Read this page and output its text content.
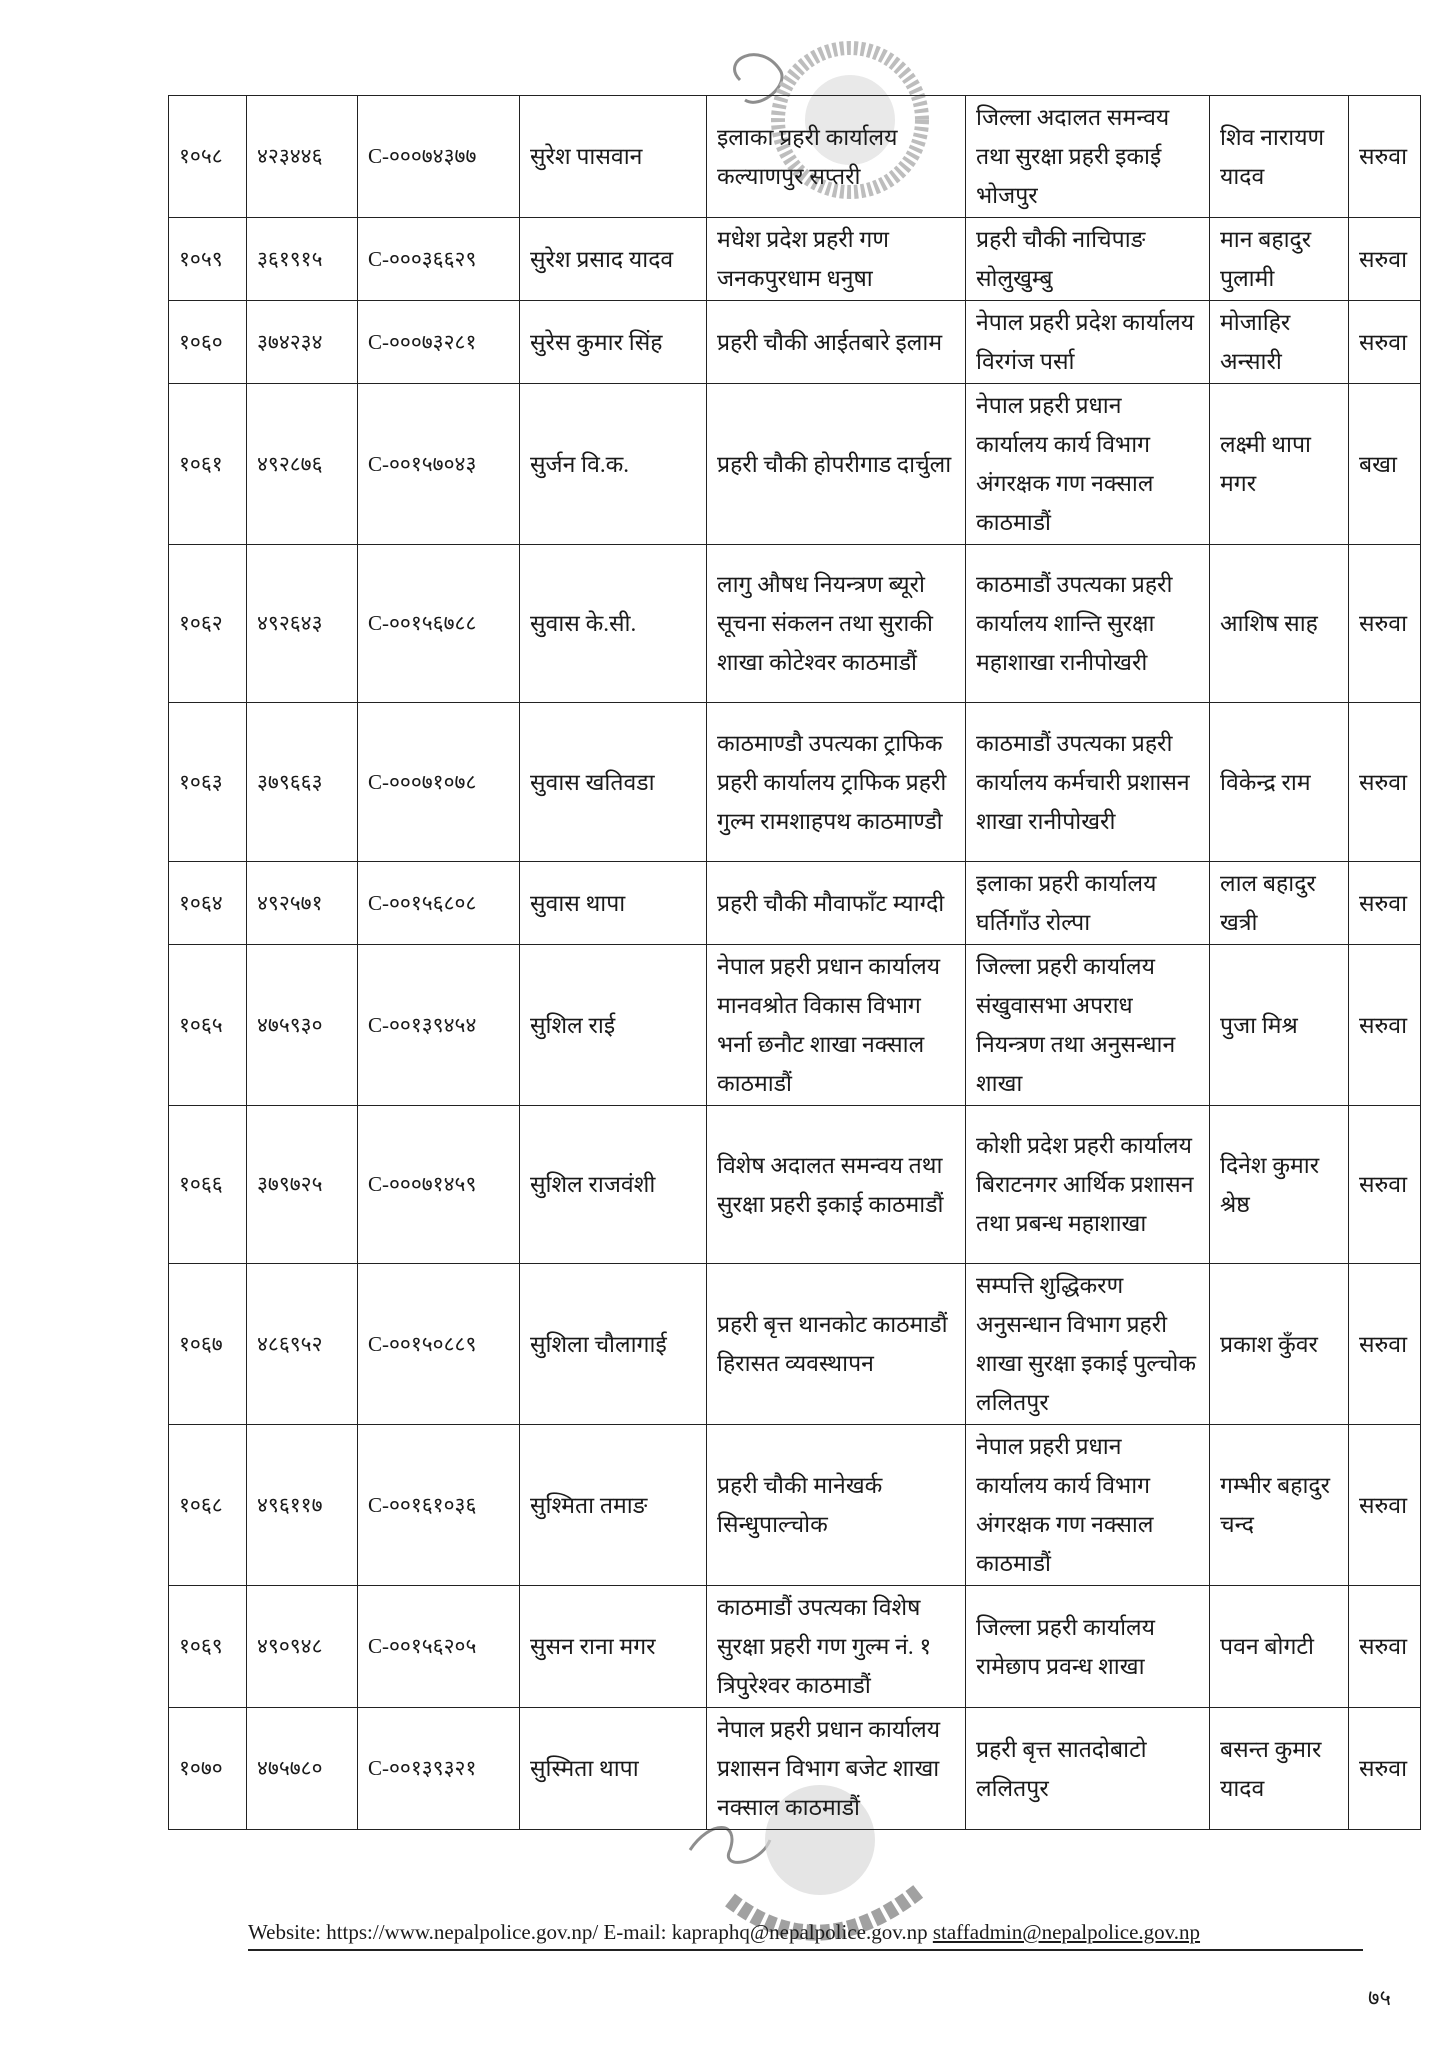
१०५८	४२३४४६	C-०००७४३७७	सुरेश पासवान	इलाका प्रहरी कार्यालय कल्याणपुर सप्तरी	जिल्ला अदालत समन्वय तथा सुरक्षा प्रहरी इकाई भोजपुर	शिव नारायण यादव	सरुवा
१०५९	३६१९१५	C-०००३६६२९	सुरेश प्रसाद यादव	मधेश प्रदेश प्रहरी गण जनकपुरधाम धनुषा	प्रहरी चौकी नाचिपाङ सोलुखुम्बु	मान बहादुर पुलामी	सरुवा
१०६०	३७४२३४	C-०००७३२८१	सुरेस कुमार सिंह	प्रहरी चौकी आईतबारे इलाम	नेपाल प्रहरी प्रदेश कार्यालय विरगंज पर्सा	मोजाहिर अन्सारी	सरुवा
१०६१	४९२८७६	C-००१५७०४३	सुर्जन वि.क.	प्रहरी चौकी होपरीगाड दार्चुला	नेपाल प्रहरी प्रधान कार्यालय कार्य विभाग अंगरक्षक गण नक्साल काठमाडौं	लक्ष्मी थापा मगर	बखा
१०६२	४९२६४३	C-००१५६७८८	सुवास के.सी.	लागु औषध नियन्त्रण ब्यूरो सूचना संकलन तथा सुराकी शाखा कोटेश्वर काठमाडौं	काठमाडौं उपत्यका प्रहरी कार्यालय शान्ति सुरक्षा महाशाखा रानीपोखरी	आशिष साह	सरुवा
१०६३	३७९६६३	C-०००७१०७८	सुवास खतिवडा	काठमाण्डौ उपत्यका ट्राफिक प्रहरी कार्यालय ट्राफिक प्रहरी गुल्म रामशाहपथ काठमाण्डौ	काठमाडौं उपत्यका प्रहरी कार्यालय कर्मचारी प्रशासन शाखा रानीपोखरी	विकेन्द्र राम	सरुवा
१०६४	४९२५७१	C-००१५६८०८	सुवास थापा	प्रहरी चौकी मौवाफाँट म्याग्दी	इलाका प्रहरी कार्यालय घर्तिगाँउ रोल्पा	लाल बहादुर खत्री	सरुवा
१०६५	४७५९३०	C-००१३९४५४	सुशिल राई	नेपाल प्रहरी प्रधान कार्यालय मानवश्रोत विकास विभाग भर्ना छनौट शाखा नक्साल काठमाडौं	जिल्ला प्रहरी कार्यालय संखुवासभा अपराध नियन्त्रण तथा अनुसन्धान शाखा	पुजा मिश्र	सरुवा
१०६६	३७९७२५	C-०००७१४५९	सुशिल राजवंशी	विशेष अदालत समन्वय तथा सुरक्षा प्रहरी इकाई काठमाडौं	कोशी प्रदेश प्रहरी कार्यालय बिराटनगर आर्थिक प्रशासन तथा प्रबन्ध महाशाखा	दिनेश कुमार श्रेष्ठ	सरुवा
१०६७	४८६९५२	C-००१५०८८९	सुशिला चौलागाई	प्रहरी बृत्त थानकोट काठमाडौं हिरासत व्यवस्थापन	सम्पत्ति शुद्धिकरण अनुसन्धान विभाग प्रहरी शाखा सुरक्षा इकाई पुल्चोक ललितपुर	प्रकाश कुँवर	सरुवा
१०६८	४९६११७	C-००१६१०३६	सुश्मिता तमाङ	प्रहरी चौकी मानेखर्क सिन्धुपाल्चोक	नेपाल प्रहरी प्रधान कार्यालय कार्य विभाग अंगरक्षक गण नक्साल काठमाडौं	गम्भीर बहादुर चन्द	सरुवा
१०६९	४९०९४८	C-००१५६२०५	सुसन राना मगर	काठमाडौं उपत्यका विशेष सुरक्षा प्रहरी गण गुल्म नं. १ त्रिपुरेश्वर काठमाडौं	जिल्ला प्रहरी कार्यालय रामेछाप प्रवन्ध शाखा	पवन बोगटी	सरुवा
१०७०	४७५७८०	C-००१३९३२१	सुस्मिता थापा	नेपाल प्रहरी प्रधान कार्यालय प्रशासन विभाग बजेट शाखा नक्साल काठमाडौं	प्रहरी बृत्त सातदोबाटो ललितपुर	बसन्त कुमार यादव	सरुवा
Website: https://www.nepalpolice.gov.np/ E-mail: kapraphq@nepalpolice.gov.np staffadmin@nepalpolice.gov.np
७५
